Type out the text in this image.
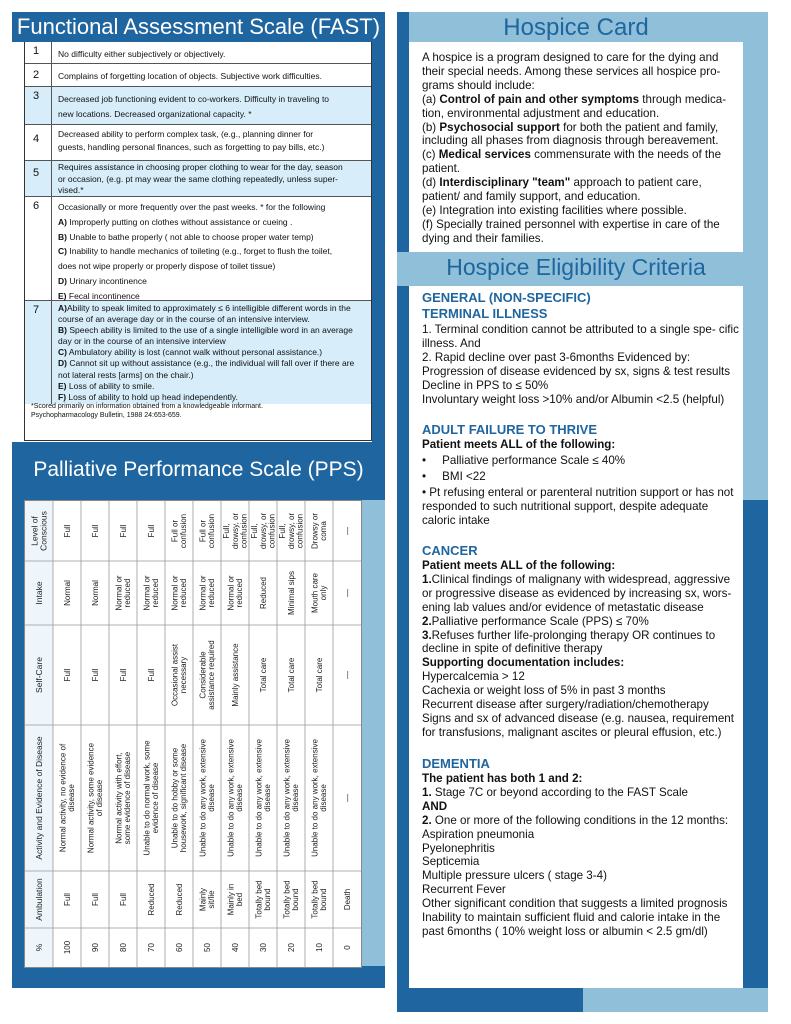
Functional Assessment Scale (FAST)
1 No difficulty either subjectively or objectively.
2 Complains of forgetting location of objects. Subjective work difficulties.
3 Decreased job functioning evident to co-workers. Difficulty in traveling to
new locations. Decreased organizational capacity. *
4 Decreased ability to perform complex task, (e.g., planning dinner for
guests, handling personal finances, such as forgetting to pay bills, etc.)
5 Requires assistance in choosing proper clothing to wear for the day, season
or occasion, (e.g. pt may wear the same clothing repeatedly, unless super-
vised.*
6 Occasionally or more frequently over the past weeks. * for the following
A) Improperly putting on clothes without assistance or cueing .
B) Unable to bathe properly ( not able to choose proper water temp)
C) Inability to handle mechanics of toileting (e.g., forget to flush the toilet,
does not wipe properly or properly dispose of toilet tissue)
D) Urinary incontinence
E) Fecal incontinence
7 A)Ability to speak limited to approximately ≤ 6 intelligible different words in the course of an average day or in the course of an intensive interview.
B) Speech ability is limited to the use of a single intelligible word in an average day or in the course of an intensive interview
C) Ambulatory ability is lost (cannot walk without personal assistance.)
D) Cannot sit up without assistance (e.g., the individual will fall over if there are not lateral rests [arms] on the chair.)
E) Loss of ability to smile.
F) Loss of ability to hold up head independently.
*Scored primarily on information obtained from a knowledgeable informant.
Psychopharmacology Bulletin, 1988 24:653-659.
Palliative Performance Scale (PPS)
%
Ambulation
Activity and Evidence of Disease
Self-Care
Intake
Level ofConscious
100
Full
Normal activity, no evidence ofdisease
Full
Normal
Full
90
Full
Normal activity, some evidenceof disease
Full
Normal
Full
80
Full
Normal activity with effort,some evidence of disease
Full
Normal orreduced
Full
70
Reduced
Unable to do normal work, someevidence of disease
Full
Normal orreduced
Full
60
Reduced
Unable to do hobby or somehousework, significant disease
Occasional assistnecessary
Normal orreduced
Full orconfusion
50
Mainlysit/lie
Unable to do any work, extensivedisease
Considerableassistance required
Normal orreduced
Full orconfusion
40
Mainly inbed
Unable to do any work, extensivedisease
Mainly assistance
Normal orreduced
Full,drowsy, orconfusion
30
Totally bedbound
Unable to do any work, extensivedisease
Total care
Reduced
Full,drowsy, orconfusion
20
Totally bedbound
Unable to do any work, extensivedisease
Total care
Minimal sips
Full,drowsy, orconfusion
10
Totally bedbound
Unable to do any work, extensivedisease
Total care
Mouth careonly
Drowsy orcoma
0
Death
—
—
—
—
Hospice Card

A hospice is a program designed to care for the dying and their special needs. Among these services all hospice pro- grams should include:

(a) Control of pain and other symptoms through medica- tion, environmental adjustment and education.

(b) Psychosocial support for both the patient and family, including all phases from diagnosis through bereavement.

(c) Medical services commensurate with the needs of the patient.

(d) Interdisciplinary "team" approach to patient care, patient/ and family support, and education.

(e) Integration into existing facilities where possible.

(f) Specially trained personnel with expertise in care of the dying and their families.

Hospice Eligibility Criteria
GENERAL (NON-SPECIFIC)
TERMINAL ILLNESS

1. Terminal condition cannot be attributed to a single spe- cific illness. And

2. Rapid decline over past 3-6months Evidenced by:

Progression of disease evidenced by sx, signs & test results

Decline in PPS to ≤ 50%

Involuntary weight loss >10% and/or Albumin <2.5 (helpful)

ADULT FAILURE TO THRIVE

Patient meets ALL of the following:

•     Palliative performance Scale ≤ 40%

•     BMI <22

• Pt refusing enteral or parenteral nutrition support or has not responded to such nutritional support, despite adequate caloric intake

CANCER

Patient meets ALL of the following:

1.Clinical findings of malignany with widespread, aggressive or progressive disease as evidenced by increasing sx, wors- ening lab values and/or evidence of metastatic disease

2.Palliative performance Scale (PPS) ≤ 70%

3.Refuses further life-prolonging therapy OR continues to decline in spite of definitive therapy

Supporting documentation includes:

Hypercalcemia > 12

Cachexia or weight loss of 5% in past 3 months

Recurrent disease after surgery/radiation/chemotherapy

Signs and sx of advanced disease (e.g. nausea, requirement for transfusions, malignant ascites or pleural effusion, etc.)

DEMENTIA

The patient has both 1 and 2:

1. Stage 7C or beyond according to the FAST Scale

AND

2. One or more of the following conditions in the 12 months:

Aspiration pneumonia

Pyelonephritis

Septicemia

Multiple pressure ulcers ( stage 3-4)

Recurrent Fever

Other significant condition that suggests a limited prognosis

Inability to maintain sufficient fluid and calorie intake in the past 6months ( 10% weight loss or albumin < 2.5 gm/dl)
